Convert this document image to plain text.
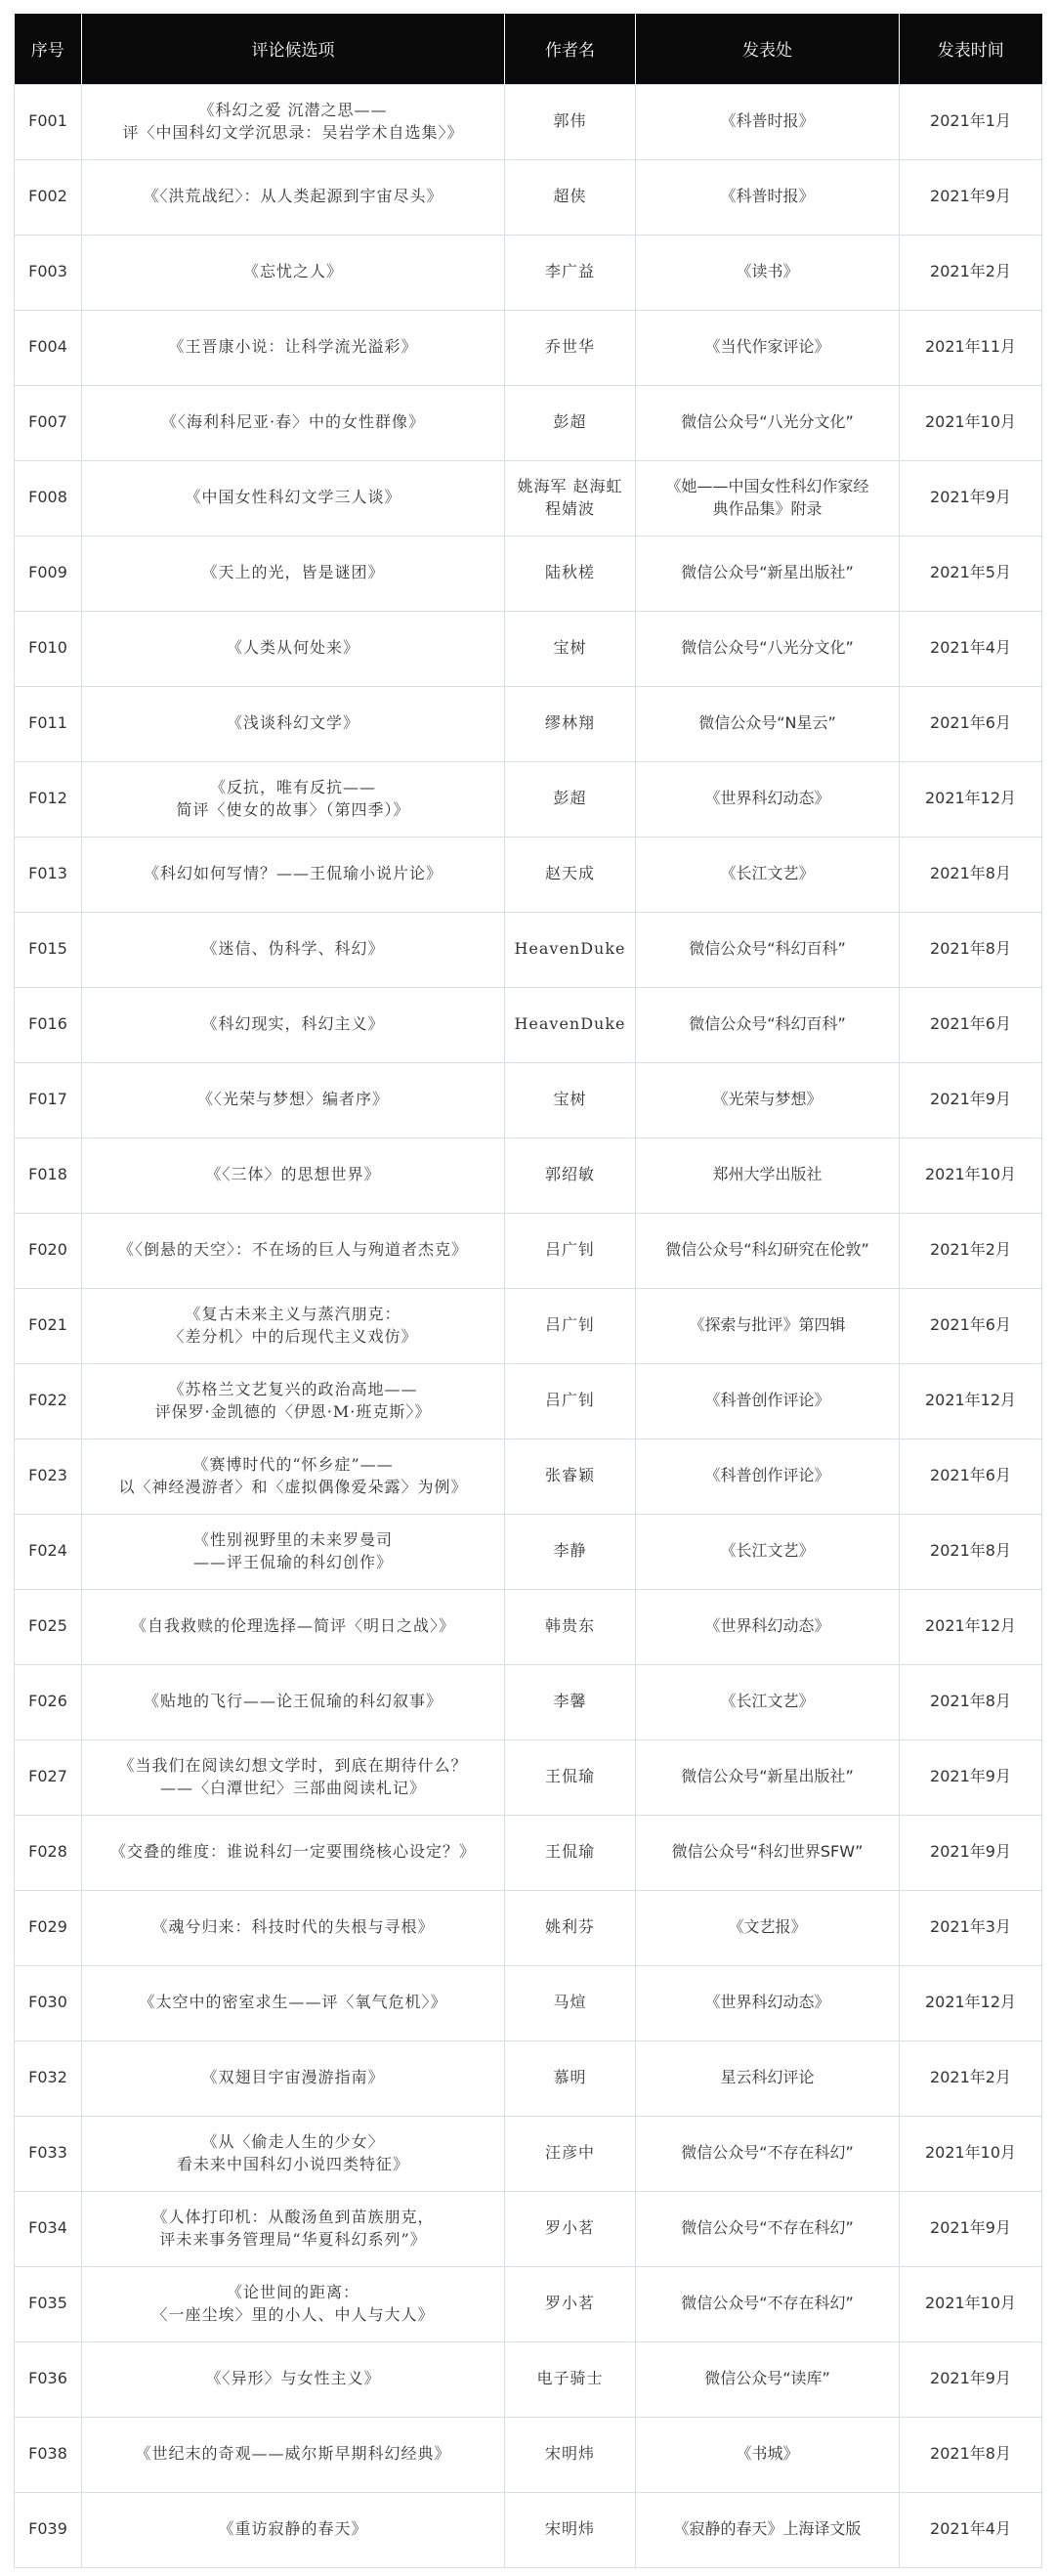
序号	评论候选项	作者名	发表处	发表时间
F001	《科幻之爱 沉潜之思——
评〈中国科幻文学沉思录：吴岩学术自选集〉》	郭伟	《科普时报》	2021年1月
F002	《〈洪荒战纪〉：从人类起源到宇宙尽头》	超侠	《科普时报》	2021年9月
F003	《忘忧之人》	李广益	《读书》	2021年2月
F004	《王晋康小说：让科学流光溢彩》	乔世华	《当代作家评论》	2021年11月
F007	《〈海利科尼亚·春〉中的女性群像》	彭超	微信公众号“八光分文化”	2021年10月
F008	《中国女性科幻文学三人谈》	姚海军 赵海虹 程婧波	《她——中国女性科幻作家经
典作品集》附录	2021年9月
F009	《天上的光，皆是谜团》	陆秋槎	微信公众号“新星出版社”	2021年5月
F010	《人类从何处来》	宝树	微信公众号“八光分文化”	2021年4月
F011	《浅谈科幻文学》	缪林翔	微信公众号“N星云”	2021年6月
F012	《反抗，唯有反抗——
简评〈使女的故事〉（第四季）》	彭超	《世界科幻动态》	2021年12月
F013	《科幻如何写情？——王侃瑜小说片论》	赵天成	《长江文艺》	2021年8月
F015	《迷信、伪科学、科幻》	HeavenDuke	微信公众号“科幻百科”	2021年8月
F016	《科幻现实，科幻主义》	HeavenDuke	微信公众号“科幻百科”	2021年6月
F017	《〈光荣与梦想〉编者序》	宝树	《光荣与梦想》	2021年9月
F018	《〈三体〉的思想世界》	郭绍敏	郑州大学出版社	2021年10月
F020	《〈倒悬的天空〉：不在场的巨人与殉道者杰克》	吕广钊	微信公众号“科幻研究在伦敦”	2021年2月
F021	《复古未来主义与蒸汽朋克：
〈差分机〉中的后现代主义戏仿》	吕广钊	《探索与批评》第四辑	2021年6月
F022	《苏格兰文艺复兴的政治高地——
评保罗·金凯德的〈伊恩·M·班克斯〉》	吕广钊	《科普创作评论》	2021年12月
F023	《赛博时代的“怀乡症”——
以〈神经漫游者〉和〈虚拟偶像爱朵露〉为例》	张睿颖	《科普创作评论》	2021年6月
F024	《性别视野里的未来罗曼司
——评王侃瑜的科幻创作》	李静	《长江文艺》	2021年8月
F025	《自我救赎的伦理选择—简评〈明日之战〉》	韩贵东	《世界科幻动态》	2021年12月
F026	《贴地的飞行——论王侃瑜的科幻叙事》	李馨	《长江文艺》	2021年8月
F027	《当我们在阅读幻想文学时，到底在期待什么？
——〈白潭世纪〉三部曲阅读札记》	王侃瑜	微信公众号“新星出版社”	2021年9月
F028	《交叠的维度：谁说科幻一定要围绕核心设定？》	王侃瑜	微信公众号“科幻世界SFW”	2021年9月
F029	《魂兮归来：科技时代的失根与寻根》	姚利芬	《文艺报》	2021年3月
F030	《太空中的密室求生——评〈氧气危机〉》	马煊	《世界科幻动态》	2021年12月
F032	《双翅目宇宙漫游指南》	慕明	星云科幻评论	2021年2月
F033	《从〈偷走人生的少女〉
看未来中国科幻小说四类特征》	汪彦中	微信公众号“不存在科幻”	2021年10月
F034	《人体打印机：从酸汤鱼到苗族朋克，
评未来事务管理局“华夏科幻系列”》	罗小茗	微信公众号“不存在科幻”	2021年9月
F035	《论世间的距离：
〈一座尘埃〉里的小人、中人与大人》	罗小茗	微信公众号“不存在科幻”	2021年10月
F036	《〈异形〉与女性主义》	电子骑士	微信公众号“读库”	2021年9月
F038	《世纪末的奇观——威尔斯早期科幻经典》	宋明炜	《书城》	2021年8月
F039	《重访寂静的春天》	宋明炜	《寂静的春天》上海译文版	2021年4月
